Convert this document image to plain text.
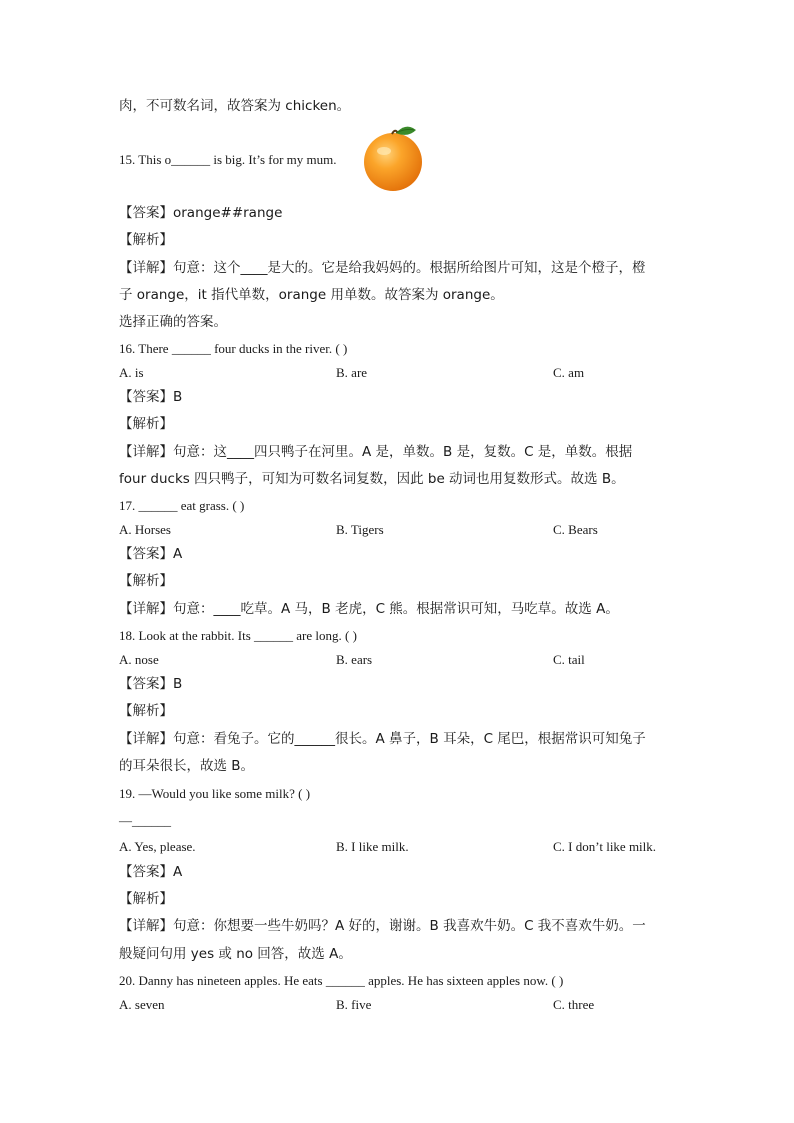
肉，不可数名词，故答案为 chicken。
15. This o______ is big. It’s for my mum.
【答案】orange##range
【解析】
【详解】句意：这个____是大的。它是给我妈妈的。根据所给图片可知，这是个橙子，橙
子 orange，it 指代单数，orange 用单数。故答案为 orange。
选择正确的答案。
16. There ______ four ducks in the river. ( )
A. is	B. are	C. am
【答案】B
【解析】
【详解】句意：这____四只鸭子在河里。A 是，单数。B 是，复数。C 是，单数。根据
four ducks 四只鸭子，可知为可数名词复数，因此 be 动词也用复数形式。故选 B。
17. ______ eat grass. ( )
A. Horses	B. Tigers	C. Bears
【答案】A
【解析】
【详解】句意：____吃草。A 马，B 老虎，C 熊。根据常识可知，马吃草。故选 A。
18. Look at the rabbit. Its ______ are long. ( )
A. nose	B. ears	C. tail
【答案】B
【解析】
【详解】句意：看兔子。它的______很长。A 鼻子，B 耳朵，C 尾巴，根据常识可知兔子
的耳朵很长，故选 B。
19. —Would you like some milk? ( )
—______
A. Yes, please.	B. I like milk.	C. I don’t like milk.
【答案】A
【解析】
【详解】句意：你想要一些牛奶吗？A 好的，谢谢。B 我喜欢牛奶。C 我不喜欢牛奶。一
般疑问句用 yes 或 no 回答，故选 A。
20. Danny has nineteen apples. He eats ______ apples. He has sixteen apples now. ( )
A. seven	B. five	C. three
